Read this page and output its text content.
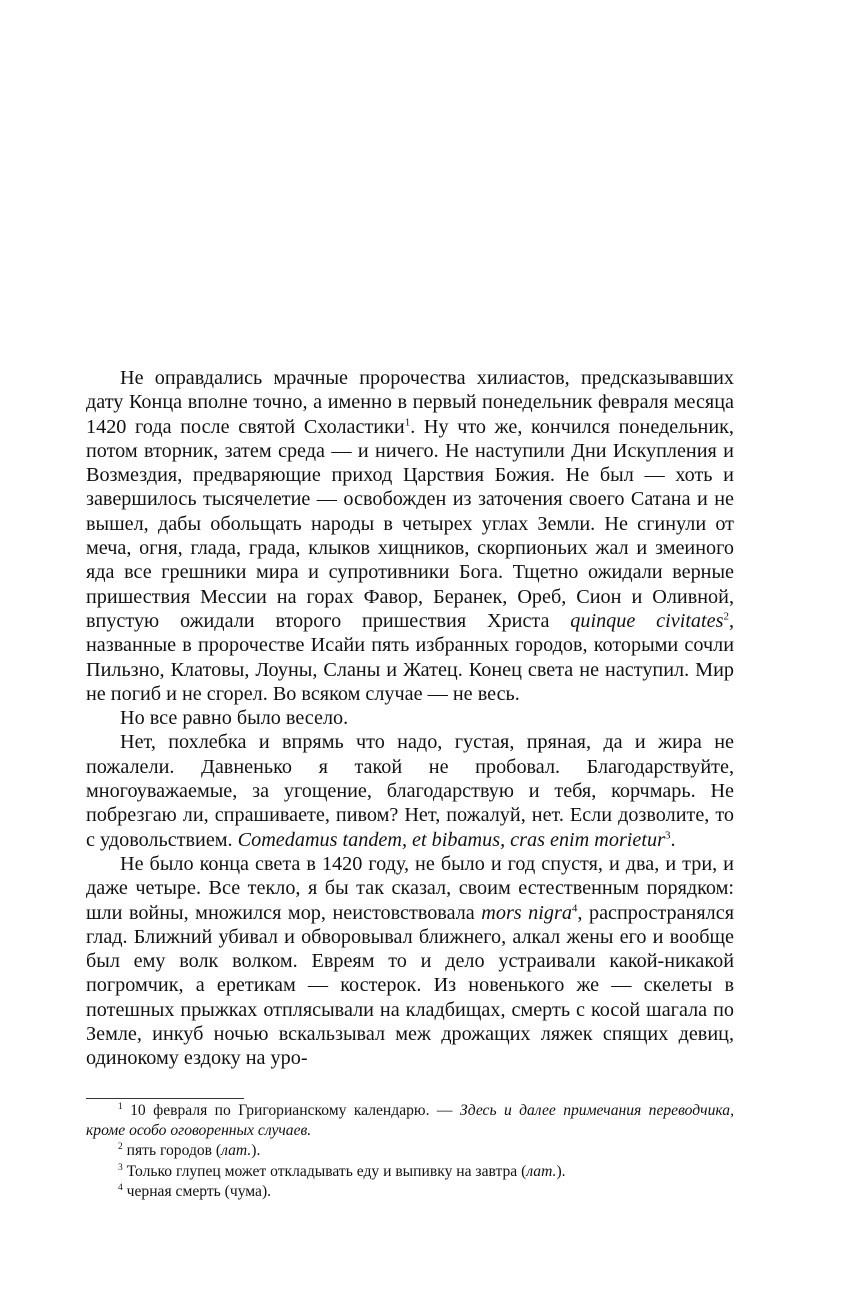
Не оправдались мрачные пророчества хилиастов, предсказывавших дату Конца вполне точно, а именно в первый понедельник февраля месяца 1420 года после святой Схоластики$^1$. Ну что же, кончился понедельник, потом вторник, затем среда — и ничего. Не наступили Дни Искупления и Возмездия, предваряющие приход Царствия Божия. Не был — хоть и завершилось тысячелетие — освобожден из заточения своего Сатана и не вышел, дабы обольщать народы в четырех углах Земли. Не сгинули от меча, огня, глада, града, клыков хищников, скорпионьих жал и змеиного яда все грешники мира и супротивники Бога. Тщетно ожидали верные пришествия Мессии на горах Фавор, Беранек, Ореб, Сион и Оливной, впустую ожидали второго пришествия Христа quinque civitates$^2$, названные в пророчестве Исайи пять избранных городов, которыми сочли Пильзно, Клатовы, Лоуны, Сланы и Жатец. Конец света не наступил. Мир не погиб и не сгорел. Во всяком случае — не весь.

Но все равно было весело.

Нет, похлебка и впрямь что надо, густая, пряная, да и жира не пожалели. Давненько я такой не пробовал. Благодарствуйте, многоуважаемые, за угощение, благодарствую и тебя, корчмарь. Не побрезгаю ли, спрашиваете, пивом? Нет, пожалуй, нет. Если дозволите, то с удовольствием. Comedamus tandem, et bibamus, cras enim morietur$^3$.

Не было конца света в 1420 году, не было и год спустя, и два, и три, и даже четыре. Все текло, я бы так сказал, своим естественным порядком: шли войны, множился мор, неистовствовала mors nigra$^4$, распространялся глад. Ближний убивал и обворовывал ближнего, алкал жены его и вообще был ему волк волком. Евреям то и дело устраивали какой-никакой погромчик, а еретикам — костерок. Из новенького же — скелеты в потешных прыжках отплясывали на кладбищах, смерть с косой шагала по Земле, инкуб ночью вскальзывал меж дрожащих ляжек спящих девиц, одинокому ездоку на уро-

$^1$ 10 февраля по Григорианскому календарю. — Здесь и далее примечания переводчика, кроме особо оговоренных случаев.

$^2$ пять городов (лат.).

$^3$ Только глупец может откладывать еду и выпивку на завтра (лат.).

$^4$ черная смерть (чума).
